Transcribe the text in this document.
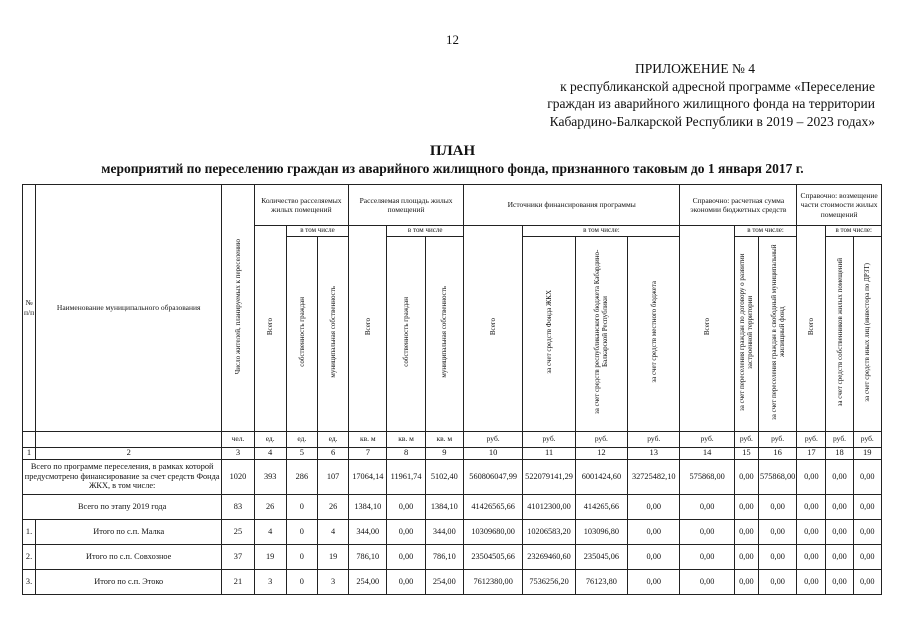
12
ПРИЛОЖЕНИЕ № 4
к республиканской адресной программе «Переселение
граждан из аварийного жилищного фонда на территории
Кабардино-Балкарской Республики в 2019 – 2023 годах»
ПЛАН
мероприятий по переселению граждан из аварийного жилищного фонда, признанного таковым до 1 января 2017 г.
№ п/п	Наименование муниципального образования	Число жителей, планируемых к переселению	Количество расселяемых жилых помещений			Расселяемая площадь жилых помещений			Источники финансирования программы				Справочно: расчетная сумма экономии бюджетных средств			Справочно: возмещение части стоимости жилых помещений		
			Всего	в том числе		Всего	в том числе		Всего	в том числе:			Всего	в том числе:		Всего	в том числе:	
				собственность граждан	муниципальная собственность		собственность граждан	муниципальная собственность		за счет средств Фонда ЖКХ	за счет средств республиканского бюджета Кабардино-Балкарской Республики	за счет средств местного бюджета		за счет переселения граждан по договору о развитии застроенной территории	за счет переселения граждан в свободный муниципальный жилищный фонд		за счет средств собственников жилых помещений	за счет средств иных лиц (инвестора по ДРЗТ)
		чел.	ед.	ед.	ед.	кв. м	кв. м	кв. м	руб.	руб.	руб.	руб.	руб.	руб.	руб.	руб.	руб.	руб.
1	2	3	4	5	6	7	8	9	10	11	12	13	14	15	16	17	18	19
Всего по программе переселения, в рамках которой предусмотрено финансирование за счет средств Фонда ЖКХ, в том числе:		1020	393	286	107	17064,14	11961,74	5102,40	560806047,99	522079141,29	6001424,60	32725482,10	575868,00	0,00	575868,00	0,00	0,00	0,00
Всего по этапу 2019 года		83	26	0	26	1384,10	0,00	1384,10	41426565,66	41012300,00	414265,66	0,00	0,00	0,00	0,00	0,00	0,00	0,00
1.	Итого по с.п. Малка	25	4	0	4	344,00	0,00	344,00	10309680,00	10206583,20	103096,80	0,00	0,00	0,00	0,00	0,00	0,00	0,00
2.	Итого по с.п. Совхозное	37	19	0	19	786,10	0,00	786,10	23504505,66	23269460,60	235045,06	0,00	0,00	0,00	0,00	0,00	0,00	0,00
3.	Итого по с.п. Этоко	21	3	0	3	254,00	0,00	254,00	7612380,00	7536256,20	76123,80	0,00	0,00	0,00	0,00	0,00	0,00	0,00
